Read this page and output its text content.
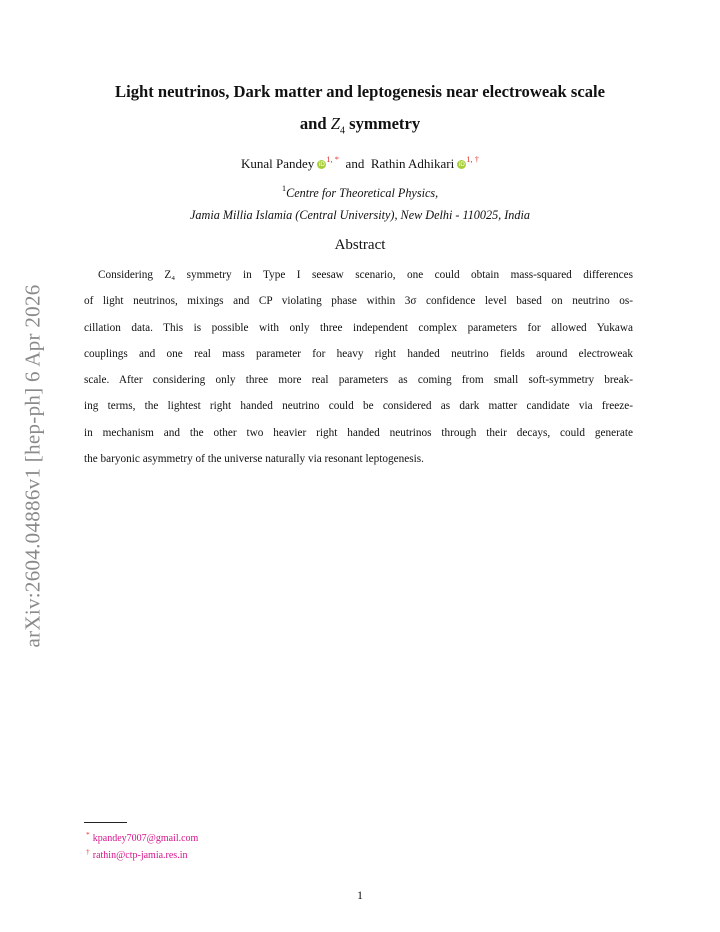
arXiv:2604.04886v1 [hep-ph] 6 Apr 2026
Light neutrinos, Dark matter and leptogenesis near electroweak scale
and $Z_4$ symmetry
Kunal Pandey $iD^{1, *}$ and Rathin Adhikari $iD^{1, \dagger}$
$^1$Centre for Theoretical Physics,
Jamia Millia Islamia (Central University), New Delhi - 110025, India
Abstract
Considering Z₄ symmetry in Type I seesaw scenario, one could obtain mass-squared differences
of light neutrinos, mixings and CP violating phase within 3σ confidence level based on neutrino os-
cillation data. This is possible with only three independent complex parameters for allowed Yukawa
couplings and one real mass parameter for heavy right handed neutrino fields around electroweak
scale. After considering only three more real parameters as coming from small soft-symmetry break-
ing terms, the lightest right handed neutrino could be considered as dark matter candidate via freeze-
in mechanism and the other two heavier right handed neutrinos through their decays, could generate
the baryonic asymmetry of the universe naturally via resonant leptogenesis.
* kpandey7007@gmail.com
† rathin@ctp-jamia.res.in
1
